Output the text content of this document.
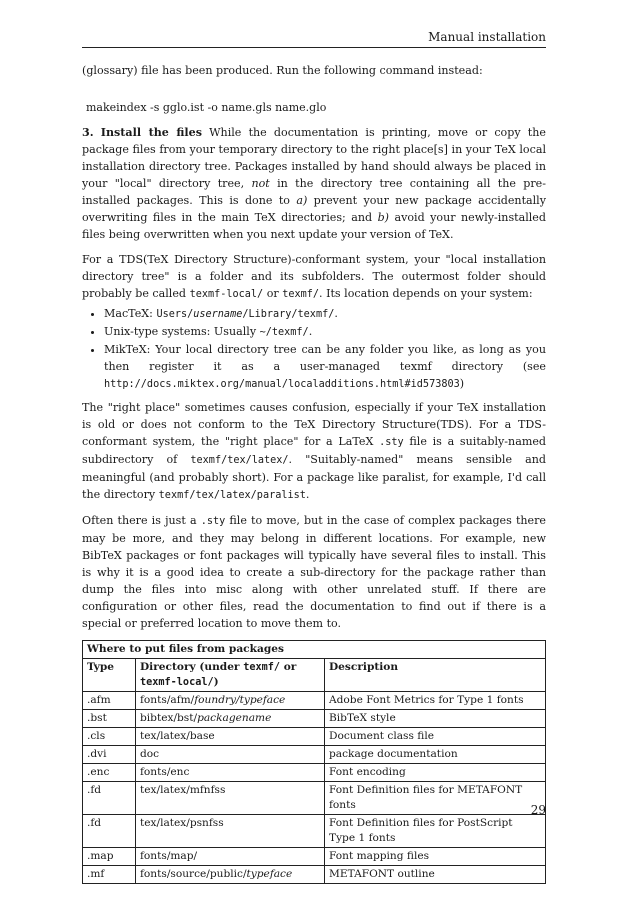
Manual installation

(glossary) file has been produced. Run the following command instead:

makeindex -s gglo.ist -o name.gls name.glo

3. Install the files While the documentation is printing, move or copy the package files from your temporary directory to the right place[s] in your TeX local installation directory tree. Packages installed by hand should always be placed in your "local" directory tree, not in the directory tree containing all the pre-installed packages. This is done to a) prevent your new package accidentally overwriting files in the main TeX directories; and b) avoid your newly-installed files being overwritten when you next update your version of TeX.

For a TDS(TeX Directory Structure)-conformant system, your "local installation directory tree" is a folder and its subfolders. The outermost folder should probably be called texmf-local/ or texmf/. Its location depends on your system:

• MacTeX: Users/username/Library/texmf/.
• Unix-type systems: Usually ~/texmf/.
• MikTeX: Your local directory tree can be any folder you like, as long as you then register it as a user-managed texmf directory (see http://docs.miktex.org/manual/localadditions.html#id573803)

The "right place" sometimes causes confusion, especially if your TeX installation is old or does not conform to the TeX Directory Structure(TDS). For a TDS-conformant system, the "right place" for a LaTeX .sty file is a suitably-named subdirectory of texmf/tex/latex/. "Suitably-named" means sensible and meaningful (and probably short). For a package like paralist, for example, I'd call the directory texmf/tex/latex/paralist.

Often there is just a .sty file to move, but in the case of complex packages there may be more, and they may belong in different locations. For example, new BibTeX packages or font packages will typically have several files to install. This is why it is a good idea to create a sub-directory for the package rather than dump the files into misc along with other unrelated stuff. If there are configuration or other files, read the documentation to find out if there is a special or preferred location to move them to.

Where to put files from packages		
Type	Directory (under texmf/ or texmf-local/)	Description
.afm	fonts/afm/foundry/typeface	Adobe Font Metrics for Type 1 fonts
.bst	bibtex/bst/packagename	BibTeX style
.cls	tex/latex/base	Document class file
.dvi	doc	package documentation
.enc	fonts/enc	Font encoding
.fd	tex/latex/mfnfss	Font Definition files for METAFONT fonts
.fd	tex/latex/psnfss	Font Definition files for PostScript Type 1 fonts
.map	fonts/map/	Font mapping files
.mf	fonts/source/public/typeface	METAFONT outline
29
